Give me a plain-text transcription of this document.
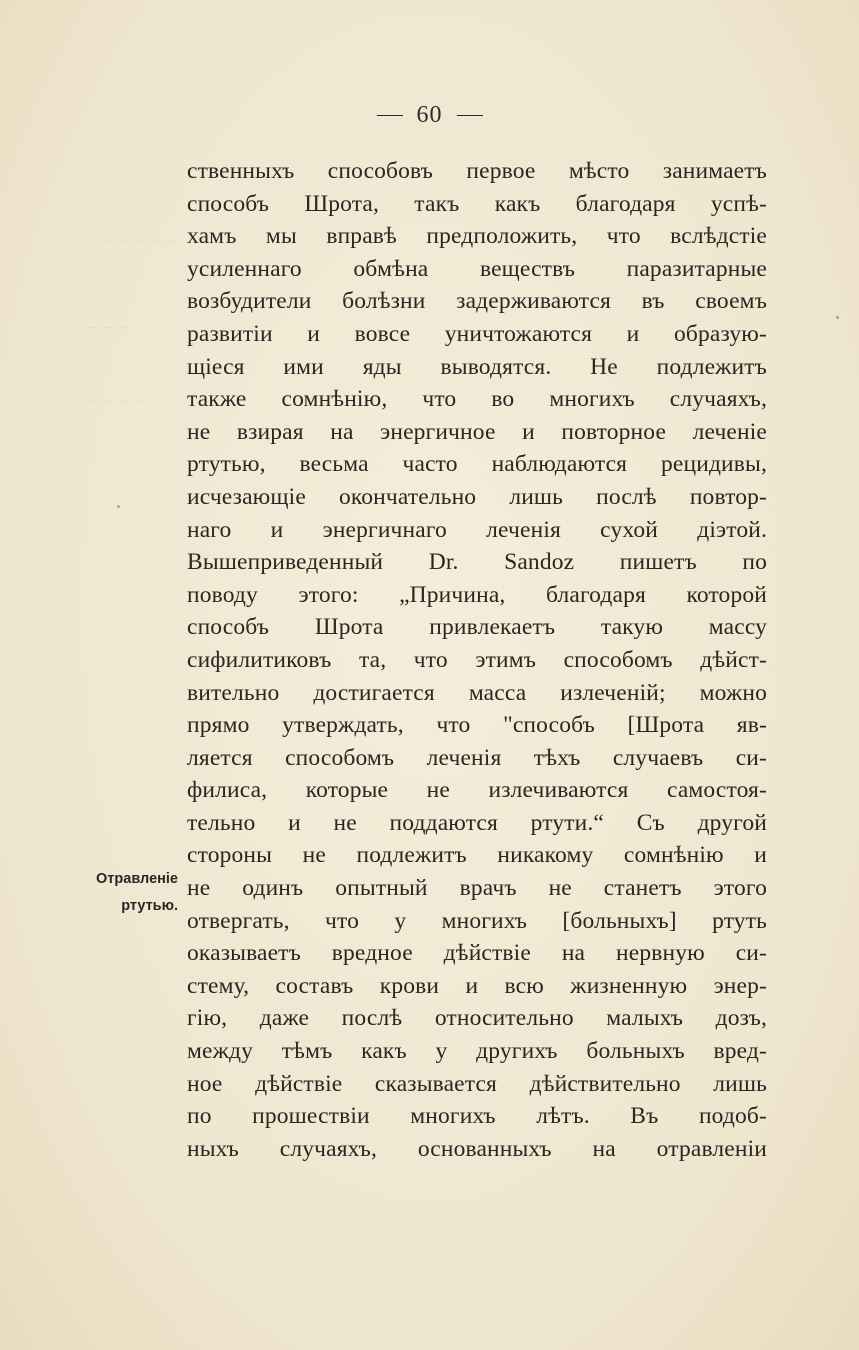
— — — — — —
— — —
— — — —
60
ственныхъ способовъ первое мѣсто занимаетъ
способъ Шрота, такъ какъ благодаря успѣ-
хамъ мы вправѣ предположить, что вслѣдстіе
усиленнаго обмѣна веществъ паразитарные
возбудители болѣзни задерживаются въ своемъ
развитіи и вовсе уничтожаются и образую-
щіеся ими яды выводятся. Не подлежитъ
также сомнѣнію, что во многихъ случаяхъ,
не взирая на энергичное и повторное леченіе
ртутью, весьма часто наблюдаются рецидивы,
исчезающіе окончательно лишь послѣ повтор-
наго и энергичнаго леченія сухой діэтой.
Вышеприведенный Dr. Sandoz пишетъ по
поводу этого: „Причина, благодаря которой
способъ Шрота привлекаетъ такую массу
сифилитиковъ та, что этимъ способомъ дѣйст-
вительно достигается масса излеченій; можно
прямо утверждать, что "способъ [Шрота яв-
ляется способомъ леченія тѣхъ случаевъ си-
филиса, которые не излечиваются самостоя-
тельно и не поддаются ртути.“ Съ другой
стороны не подлежитъ никакому сомнѣнію и
не одинъ опытный врачъ не станетъ этого
отвергать, что у многихъ [больныхъ] ртуть
оказываетъ вредное дѣйствіе на нервную си-
стему, составъ крови и всю жизненную энер-
гію, даже послѣ относительно малыхъ дозъ,
между тѣмъ какъ у другихъ больныхъ вред-
ное дѣйствіе сказывается дѣйствительно лишь
по прошествіи многихъ лѣтъ. Въ подоб-
ныхъ случаяхъ, основанныхъ на отравленіи
Отравленіе
ртутью.
